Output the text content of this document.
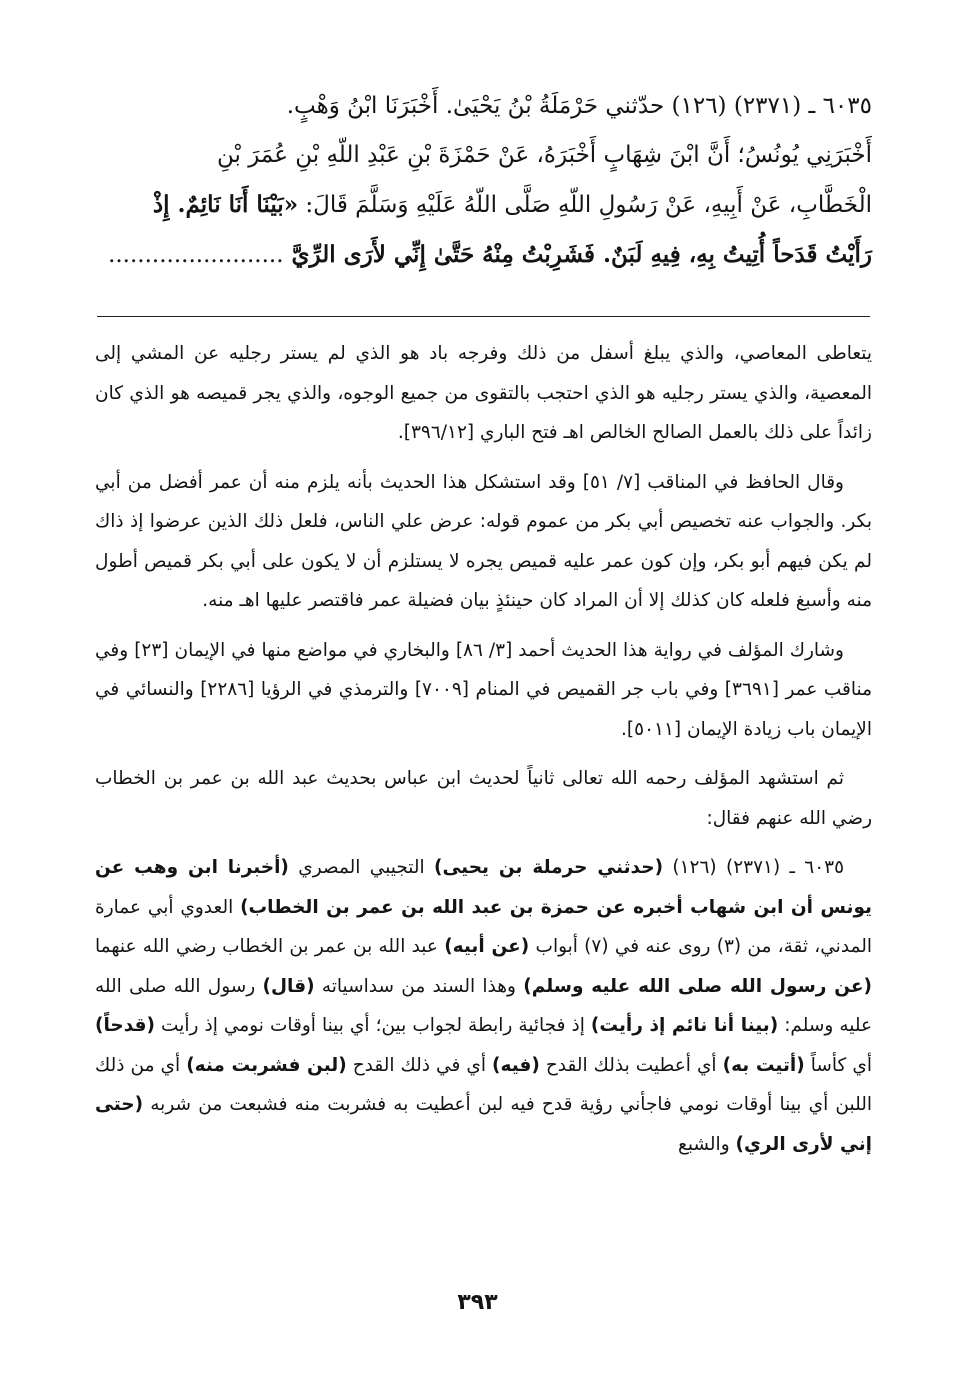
٦٠٣٥ ـ (٢٣٧١) (١٢٦) حدّثني حَرْمَلَةُ بْنُ يَحْيَىٰ. أَخْبَرَنَا ابْنُ وَهْبٍ.
أَخْبَرَنِي يُونُسُ؛ أَنَّ ابْنَ شِهَابٍ أَخْبَرَهُ، عَنْ حَمْزَةَ بْنِ عَبْدِ اللّهِ بْنِ عُمَرَ بْنِ
الْخَطَّابِ، عَنْ أَبِيهِ، عَنْ رَسُولِ اللّهِ صَلَّى اللّهُ عَلَيْهِ وَسَلَّمَ قَالَ: «بَيْنَا أَنَا نَائِمٌ. إِذْ
رَأَيْتُ قَدَحاً أُتِيتُ بِهِ، فِيهِ لَبَنٌ. فَشَرِبْتُ مِنْهُ حَتَّىٰ إِنِّي لأَرَى الرِّيَّ ........................

يتعاطى المعاصي، والذي يبلغ أسفل من ذلك وفرجه باد هو الذي لم يستر رجليه عن المشي إلى المعصية، والذي يستر رجليه هو الذي احتجب بالتقوى من جميع الوجوه، والذي يجر قميصه هو الذي كان زائداً على ذلك بالعمل الصالح الخالص اهـ فتح الباري [٣٩٦/١٢].

وقال الحافظ في المناقب [٧/ ٥١] وقد استشكل هذا الحديث بأنه يلزم منه أن عمر أفضل من أبي بكر. والجواب عنه تخصيص أبي بكر من عموم قوله: عرض علي الناس، فلعل ذلك الذين عرضوا إذ ذاك لم يكن فيهم أبو بكر، وإن كون عمر عليه قميص يجره لا يستلزم أن لا يكون على أبي بكر قميص أطول منه وأسبغ فلعله كان كذلك إلا أن المراد كان حينئذٍ بيان فضيلة عمر فاقتصر عليها اهـ منه.

وشارك المؤلف في رواية هذا الحديث أحمد [٣/ ٨٦] والبخاري في مواضع منها في الإيمان [٢٣] وفي مناقب عمر [٣٦٩١] وفي باب جر القميص في المنام [٧٠٠٩] والترمذي في الرؤيا [٢٢٨٦] والنسائي في الإيمان باب زيادة الإيمان [٥٠١١].

ثم استشهد المؤلف رحمه الله تعالى ثانياً لحديث ابن عباس بحديث عبد الله بن عمر بن الخطاب رضي الله عنهم فقال:

٦٠٣٥ ـ (٢٣٧١) (١٢٦) (حدثني حرملة بن يحيى) التجيبي المصري (أخبرنا ابن وهب عن يونس أن ابن شهاب أخبره عن حمزة بن عبد الله بن عمر بن الخطاب) العدوي أبي عمارة المدني، ثقة، من (٣) روى عنه في (٧) أبواب (عن أبيه) عبد الله بن عمر بن الخطاب رضي الله عنهما (عن رسول الله صلى الله عليه وسلم) وهذا السند من سداسياته (قال) رسول الله صلى الله عليه وسلم: (بينا أنا نائم إذ رأيت) إذ فجائية رابطة لجواب بين؛ أي بينا أوقات نومي إذ رأيت (قدحاً) أي كأساً (أتيت به) أي أعطيت بذلك القدح (فيه) أي في ذلك القدح (لبن فشربت منه) أي من ذلك اللبن أي بينا أوقات نومي فاجأني رؤية قدح فيه لبن أعطيت به فشربت منه فشبعت من شربه (حتى إني لأرى الري) والشبع

٣٩٣
